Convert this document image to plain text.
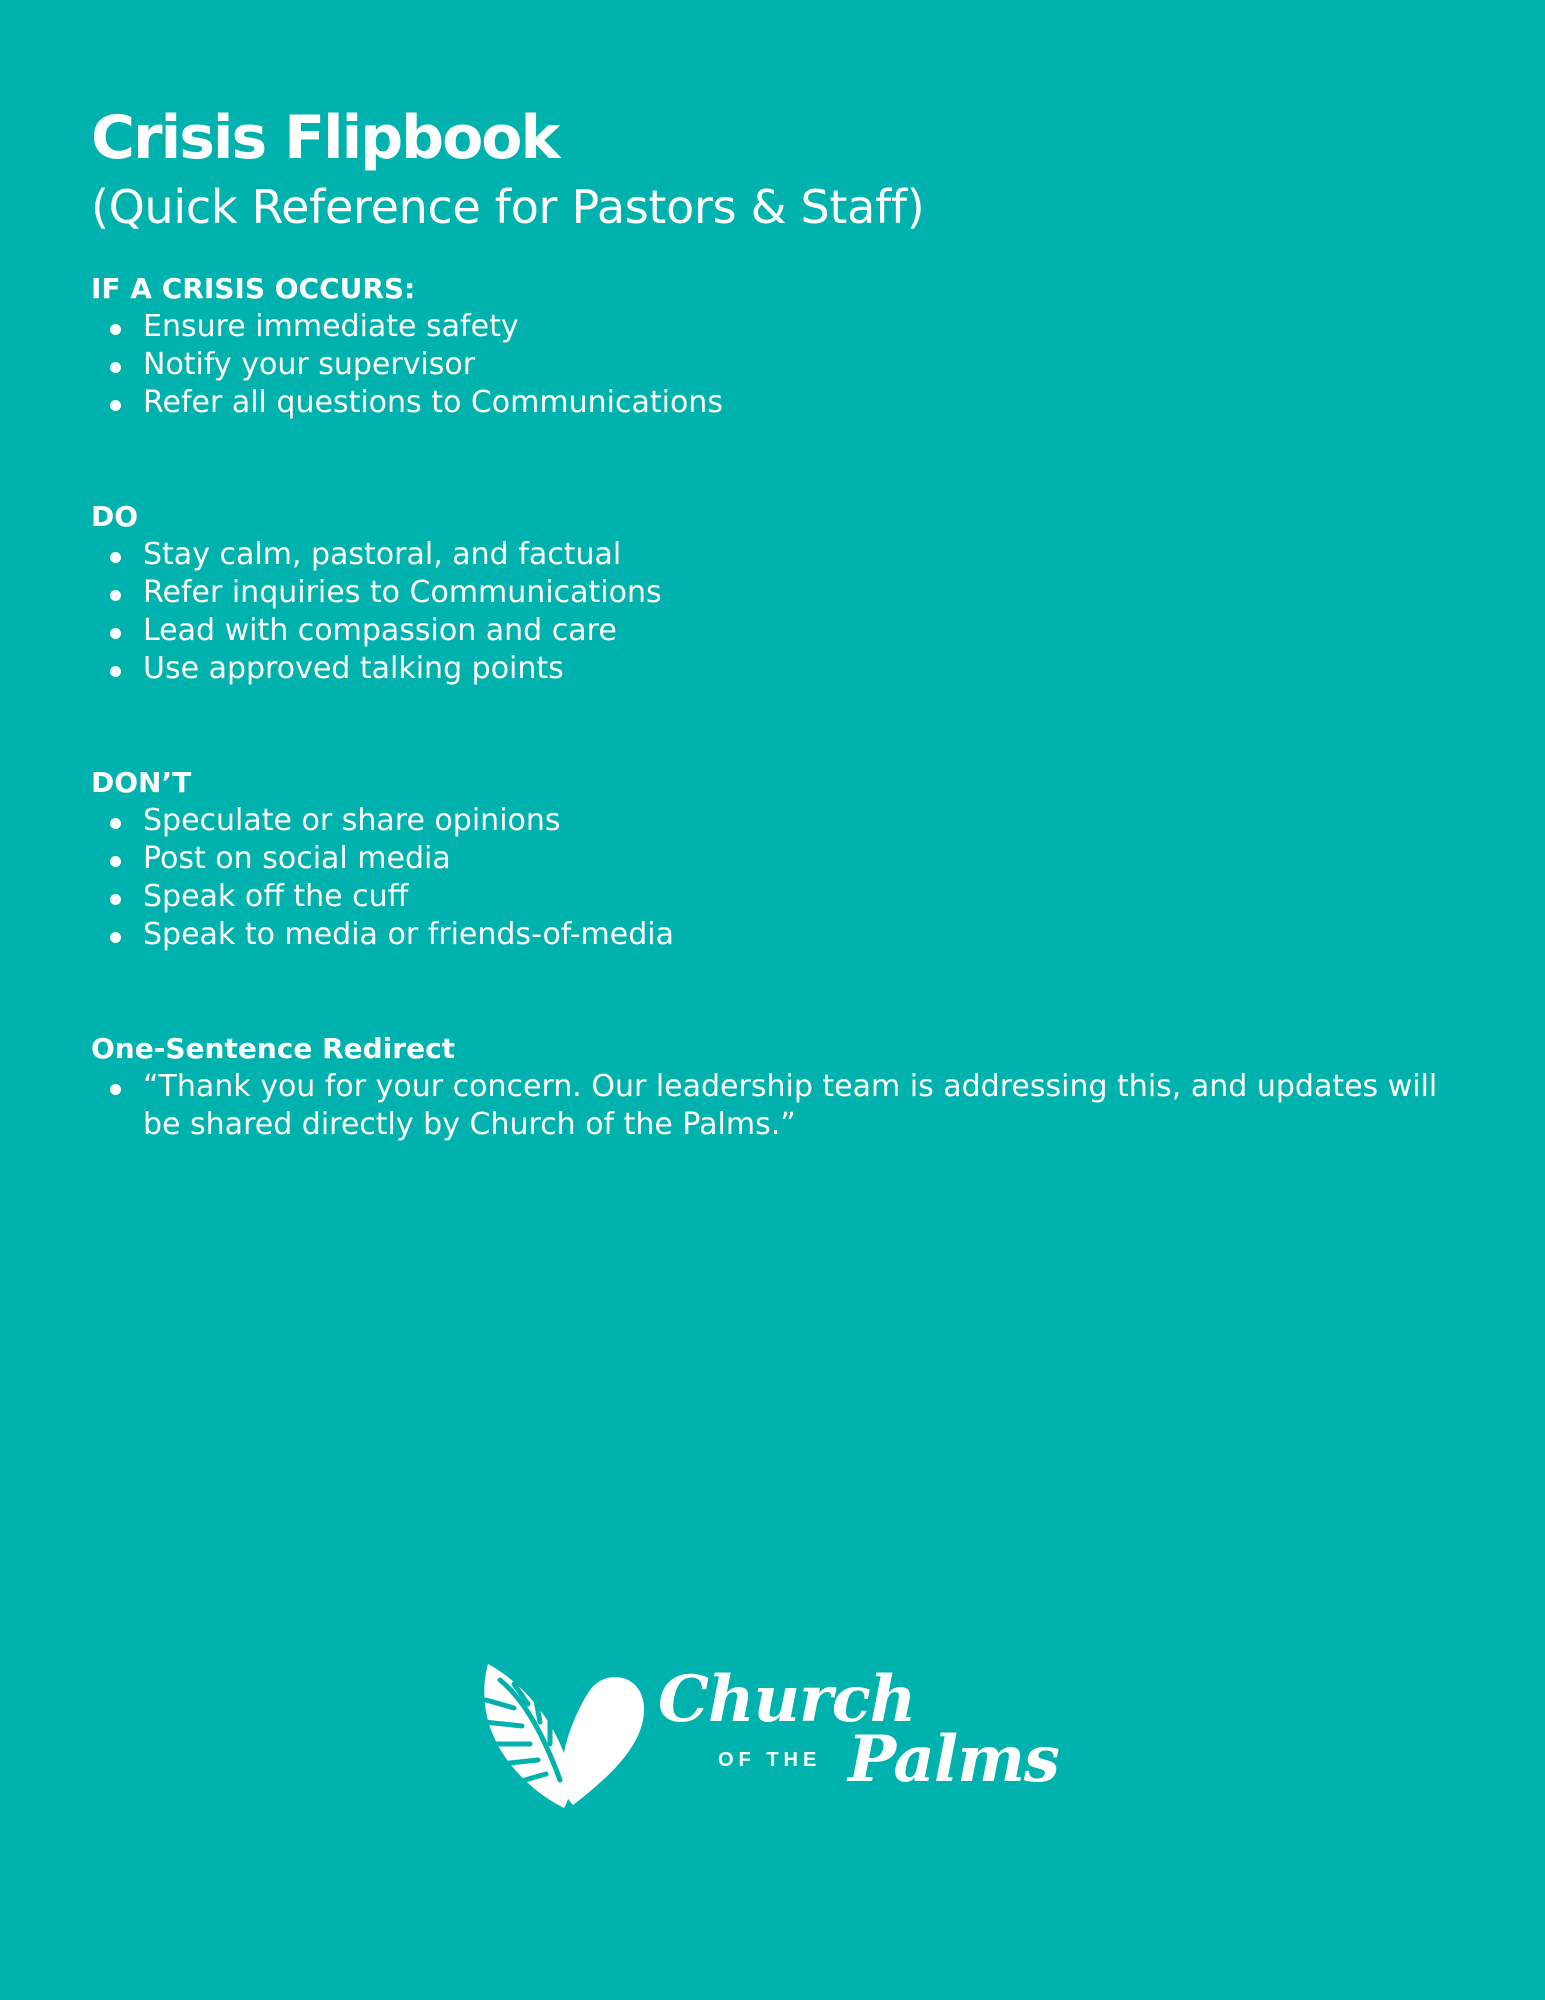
Crisis Flipbook
(Quick Reference for Pastors & Staff)
IF A CRISIS OCCURS:
Ensure immediate safety
Notify your supervisor
Refer all questions to Communications
DO
Stay calm, pastoral, and factual
Refer inquiries to Communications
Lead with compassion and care
Use approved talking points
DON’T
Speculate or share opinions
Post on social media
Speak off the cuff
Speak to media or friends-of-media
One-Sentence Redirect
“Thank you for your concern. Our leadership team is addressing this, and updates will be shared directly by Church of the Palms.”
Church
OF THE Palms
